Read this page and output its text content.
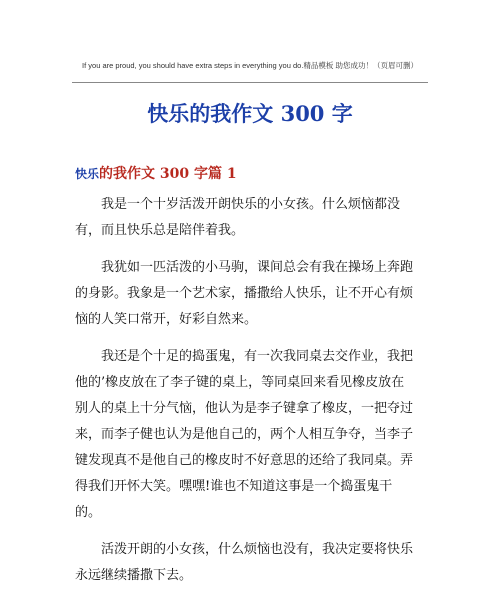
If you are proud, you should have extra steps in everything you do.精品模板 助您成功！（页眉可删）
快乐的我作文 300 字
快乐的我作文 300 字篇 1

我是一个十岁活泼开朗快乐的小女孩。什么烦恼都没有，而且快乐总是陪伴着我。

我犹如一匹活泼的小马驹，课间总会有我在操场上奔跑的身影。我象是一个艺术家，播撒给人快乐，让不开心有烦恼的人笑口常开，好彩自然来。

我还是个十足的捣蛋鬼，有一次我同桌去交作业，我把他的’橡皮放在了李子键的桌上，等同桌回来看见橡皮放在别人的桌上十分气恼，他认为是李子键拿了橡皮，一把夺过来，而李子健也认为是他自己的，两个人相互争夺，当李子键发现真不是他自己的橡皮时不好意思的还给了我同桌。弄得我们开怀大笑。嘿嘿!谁也不知道这事是一个捣蛋鬼干的。

活泼开朗的小女孩，什么烦恼也没有，我决定要将快乐永远继续播撒下去。
